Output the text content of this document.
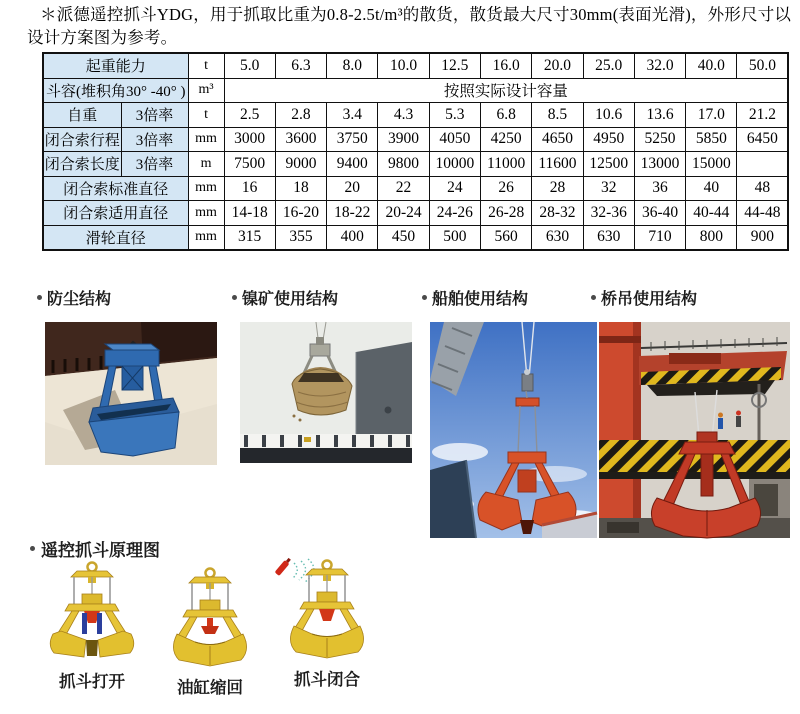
＊派德遥控抓斗YDG，用于抓取比重为0.8-2.5t/m³的散货，散货最大尺寸30mm(表面光滑)，外形尺寸以设计方案图为参考。

起重能力		t	5.0	6.3	8.0	10.0	12.5	16.0	20.0	25.0	32.0	40.0	50.0
斗容(堆积角30° -40° )		m³	按照实际设计容量										
自重	3倍率	t	2.5	2.8	3.4	4.3	5.3	6.8	8.5	10.6	13.6	17.0	21.2
闭合索行程	3倍率	mm	3000	3600	3750	3900	4050	4250	4650	4950	5250	5850	6450
闭合索长度	3倍率	m	7500	9000	9400	9800	10000	11000	11600	12500	13000	15000	
闭合索标准直径		mm	16	18	20	22	24	26	28	32	36	40	48
闭合索适用直径		mm	14-18	16-20	18-22	20-24	24-26	26-28	28-32	32-36	36-40	40-44	44-48
滑轮直径		mm	315	355	400	450	500	560	630	630	710	800	900
防尘结构	镍矿使用结构	船舶使用结构	桥吊使用结构
遥控抓斗原理图
抓斗打开	油缸缩回	抓斗闭合
